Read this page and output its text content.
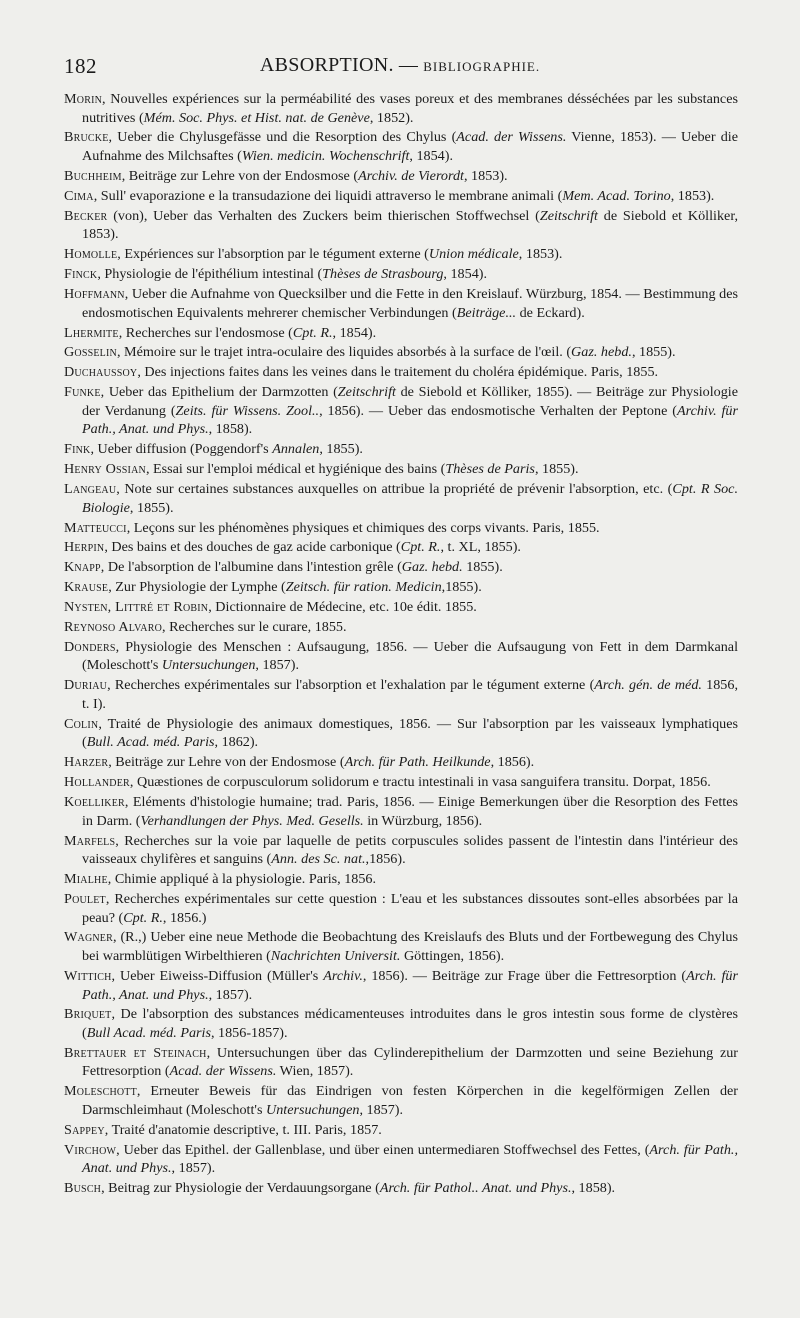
182	ABSORPTION. — BIBLIOGRAPHIE.

Morin, Nouvelles expériences sur la perméabilité des vases poreux et des membranes désséchées par les substances nutritives (Mém. Soc. Phys. et Hist. nat. de Genève, 1852).

Brucke, Ueber die Chylusgefässe und die Resorption des Chylus (Acad. der Wissens. Vienne, 1853). — Ueber die Aufnahme des Milchsaftes (Wien. medicin. Wochenschrift, 1854).

Buchheim, Beiträge zur Lehre von der Endosmose (Archiv. de Vierordt, 1853).

Cima, Sull' evaporazione e la transudazione dei liquidi attraverso le membrane animali (Mem. Acad. Torino, 1853).

Becker (von), Ueber das Verhalten des Zuckers beim thierischen Stoffwechsel (Zeitschrift de Siebold et Kölliker, 1853).

Homolle, Expériences sur l'absorption par le tégument externe (Union médicale, 1853).

Finck, Physiologie de l'épithélium intestinal (Thèses de Strasbourg, 1854).

Hoffmann, Ueber die Aufnahme von Quecksilber und die Fette in den Kreislauf. Würzburg, 1854. — Bestimmung des endosmotischen Equivalents mehrerer chemischer Verbindungen (Beiträge... de Eckard).

Lhermite, Recherches sur l'endosmose (Cpt. R., 1854).

Gosselin, Mémoire sur le trajet intra-oculaire des liquides absorbés à la surface de l'œil. (Gaz. hebd., 1855).

Duchaussoy, Des injections faites dans les veines dans le traitement du choléra épidémique. Paris, 1855.

Funke, Ueber das Epithelium der Darmzotten (Zeitschrift de Siebold et Kölliker, 1855). — Beiträge zur Physiologie der Verdanung (Zeits. für Wissens. Zool.., 1856). — Ueber das endosmotische Verhalten der Peptone (Archiv. für Path., Anat. und Phys., 1858).

Fink, Ueber diffusion (Poggendorf's Annalen, 1855).

Henry Ossian, Essai sur l'emploi médical et hygiénique des bains (Thèses de Paris, 1855).

Langeau, Note sur certaines substances auxquelles on attribue la propriété de prévenir l'absorption, etc. (Cpt. R Soc. Biologie, 1855).

Matteucci, Leçons sur les phénomènes physiques et chimiques des corps vivants. Paris, 1855.

Herpin, Des bains et des douches de gaz acide carbonique (Cpt. R., t. XL, 1855).

Knapp, De l'absorption de l'albumine dans l'intestion grêle (Gaz. hebd. 1855).

Krause, Zur Physiologie der Lymphe (Zeitsch. für ration. Medicin,1855).

Nysten, Littré et Robin, Dictionnaire de Médecine, etc. 10e édit. 1855.

Reynoso Alvaro, Recherches sur le curare, 1855.

Donders, Physiologie des Menschen : Aufsaugung, 1856. — Ueber die Aufsaugung von Fett in dem Darmkanal (Moleschott's Untersuchungen, 1857).

Duriau, Recherches expérimentales sur l'absorption et l'exhalation par le tégument externe (Arch. gén. de méd. 1856, t. I).

Colin, Traité de Physiologie des animaux domestiques, 1856. — Sur l'absorption par les vaisseaux lymphatiques (Bull. Acad. méd. Paris, 1862).

Harzer, Beiträge zur Lehre von der Endosmose (Arch. für Path. Heilkunde, 1856).

Hollander, Quæstiones de corpusculorum solidorum e tractu intestinali in vasa sanguifera transitu. Dorpat, 1856.

Koelliker, Eléments d'histologie humaine; trad. Paris, 1856. — Einige Bemerkungen über die Resorption des Fettes in Darm. (Verhandlungen der Phys. Med. Gesells. in Würzburg, 1856).

Marfels, Recherches sur la voie par laquelle de petits corpuscules solides passent de l'intestin dans l'intérieur des vaisseaux chylifères et sanguins (Ann. des Sc. nat.,1856).

Mialhe, Chimie appliqué à la physiologie. Paris, 1856.

Poulet, Recherches expérimentales sur cette question : L'eau et les substances dissoutes sont-elles absorbées par la peau? (Cpt. R., 1856.)

Wagner, (R.,) Ueber eine neue Methode die Beobachtung des Kreislaufs des Bluts und der Fortbewegung des Chylus bei warmblütigen Wirbelthieren (Nachrichten Universit. Göttingen, 1856).

Wittich, Ueber Eiweiss-Diffusion (Müller's Archiv., 1856). — Beiträge zur Frage über die Fettresorption (Arch. für Path., Anat. und Phys., 1857).

Briquet, De l'absorption des substances médicamenteuses introduites dans le gros intestin sous forme de clystères (Bull Acad. méd. Paris, 1856-1857).

Brettauer et Steinach, Untersuchungen über das Cylinderepithelium der Darmzotten und seine Beziehung zur Fettresorption (Acad. der Wissens. Wien, 1857).

Moleschott, Erneuter Beweis für das Eindrigen von festen Körperchen in die kegelförmigen Zellen der Darmschleimhaut (Moleschott's Untersuchungen, 1857).

Sappey, Traité d'anatomie descriptive, t. III. Paris, 1857.

Virchow, Ueber das Epithel. der Gallenblase, und über einen untermediaren Stoffwechsel des Fettes, (Arch. für Path., Anat. und Phys., 1857).

Busch, Beitrag zur Physiologie der Verdauungsorgane (Arch. für Pathol.. Anat. und Phys., 1858).
